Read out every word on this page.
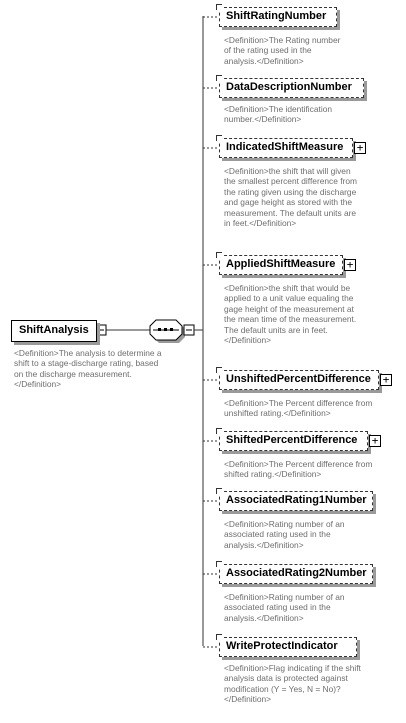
ShiftAnalysis
<Definition>The analysis to determine a shift to a stage-discharge rating, based on the discharge measurement.</Definition>
ShiftRatingNumber
<Definition>The Rating number of the rating used in the analysis.</Definition>
DataDescriptionNumber
<Definition>The identification number.</Definition>
IndicatedShiftMeasure +
<Definition>the shift that will given the smallest percent difference from the rating given using the discharge and gage height as stored with the measurement. The default units are in feet.</Definition>
AppliedShiftMeasure +
<Definition>the shift that would be applied to a unit value equaling the gage height of the measurement at the mean time of the measurement. The default units are in feet.</Definition>
UnshiftedPercentDifference +
<Definition>The Percent difference from unshifted rating.</Definition>
ShiftedPercentDifference +
<Definition>The Percent difference from shifted rating.</Definition>
AssociatedRating1Number
<Definition>Rating number of an associated rating used in the analysis.</Definition>
AssociatedRating2Number
<Definition>Rating number of an associated rating used in the analysis.</Definition>
WriteProtectIndicator
<Definition>Flag indicating if the shift analysis data is protected against modification (Y = Yes, N = No)?</Definition>
